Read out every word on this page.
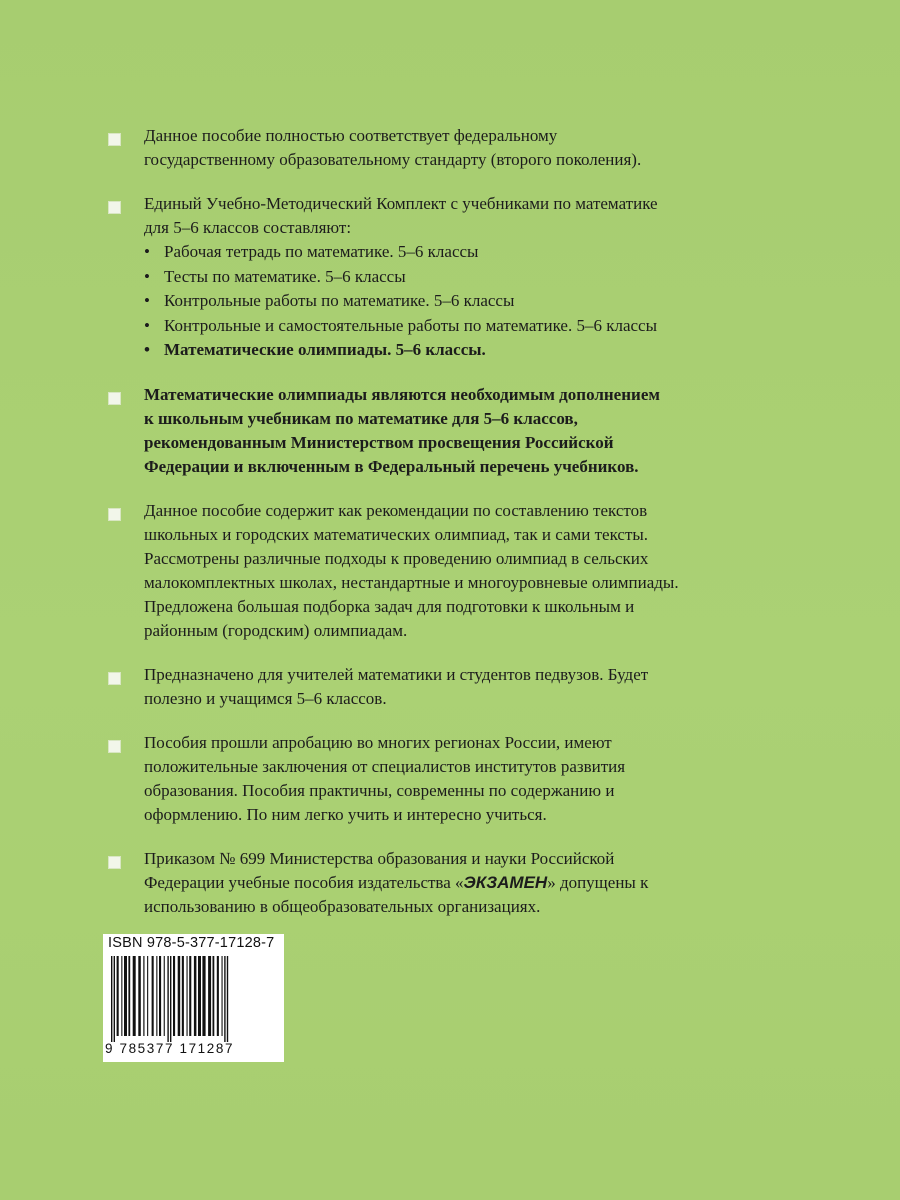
Данное пособие полностью соответствует федеральному
государственному образовательному стандарту (второго поколения).

Единый Учебно-Методический Комплект с учебниками по математике
для 5–6 классов составляют:

• Рабочая тетрадь по математике. 5–6 классы
• Тесты по математике. 5–6 классы
• Контрольные работы по математике. 5–6 классы
• Контрольные и самостоятельные работы по математике. 5–6 классы
• Математические олимпиады. 5–6 классы.

Математические олимпиады являются необходимым дополнением
к школьным учебникам по математике для 5–6 классов,
рекомендованным Министерством просвещения Российской
Федерации и включенным в Федеральный перечень учебников.

Данное пособие содержит как рекомендации по составлению текстов
школьных и городских математических олимпиад, так и сами тексты.
Рассмотрены различные подходы к проведению олимпиад в сельских
малокомплектных школах, нестандартные и многоуровневые олимпиады.
Предложена большая подборка задач для подготовки к школьным и
районным (городским) олимпиадам.

Предназначено для учителей математики и студентов педвузов. Будет
полезно и учащимся 5–6 классов.

Пособия прошли апробацию во многих регионах России, имеют
положительные заключения от специалистов институтов развития
образования. Пособия практичны, современны по содержанию и
оформлению. По ним легко учить и интересно учиться.

Приказом № 699 Министерства образования и науки Российской
Федерации учебные пособия издательства «ЭКЗАМЕН» допущены к
использованию в общеобразовательных организациях.

ISBN 978-5-377-17128-7
9 785377 171287
